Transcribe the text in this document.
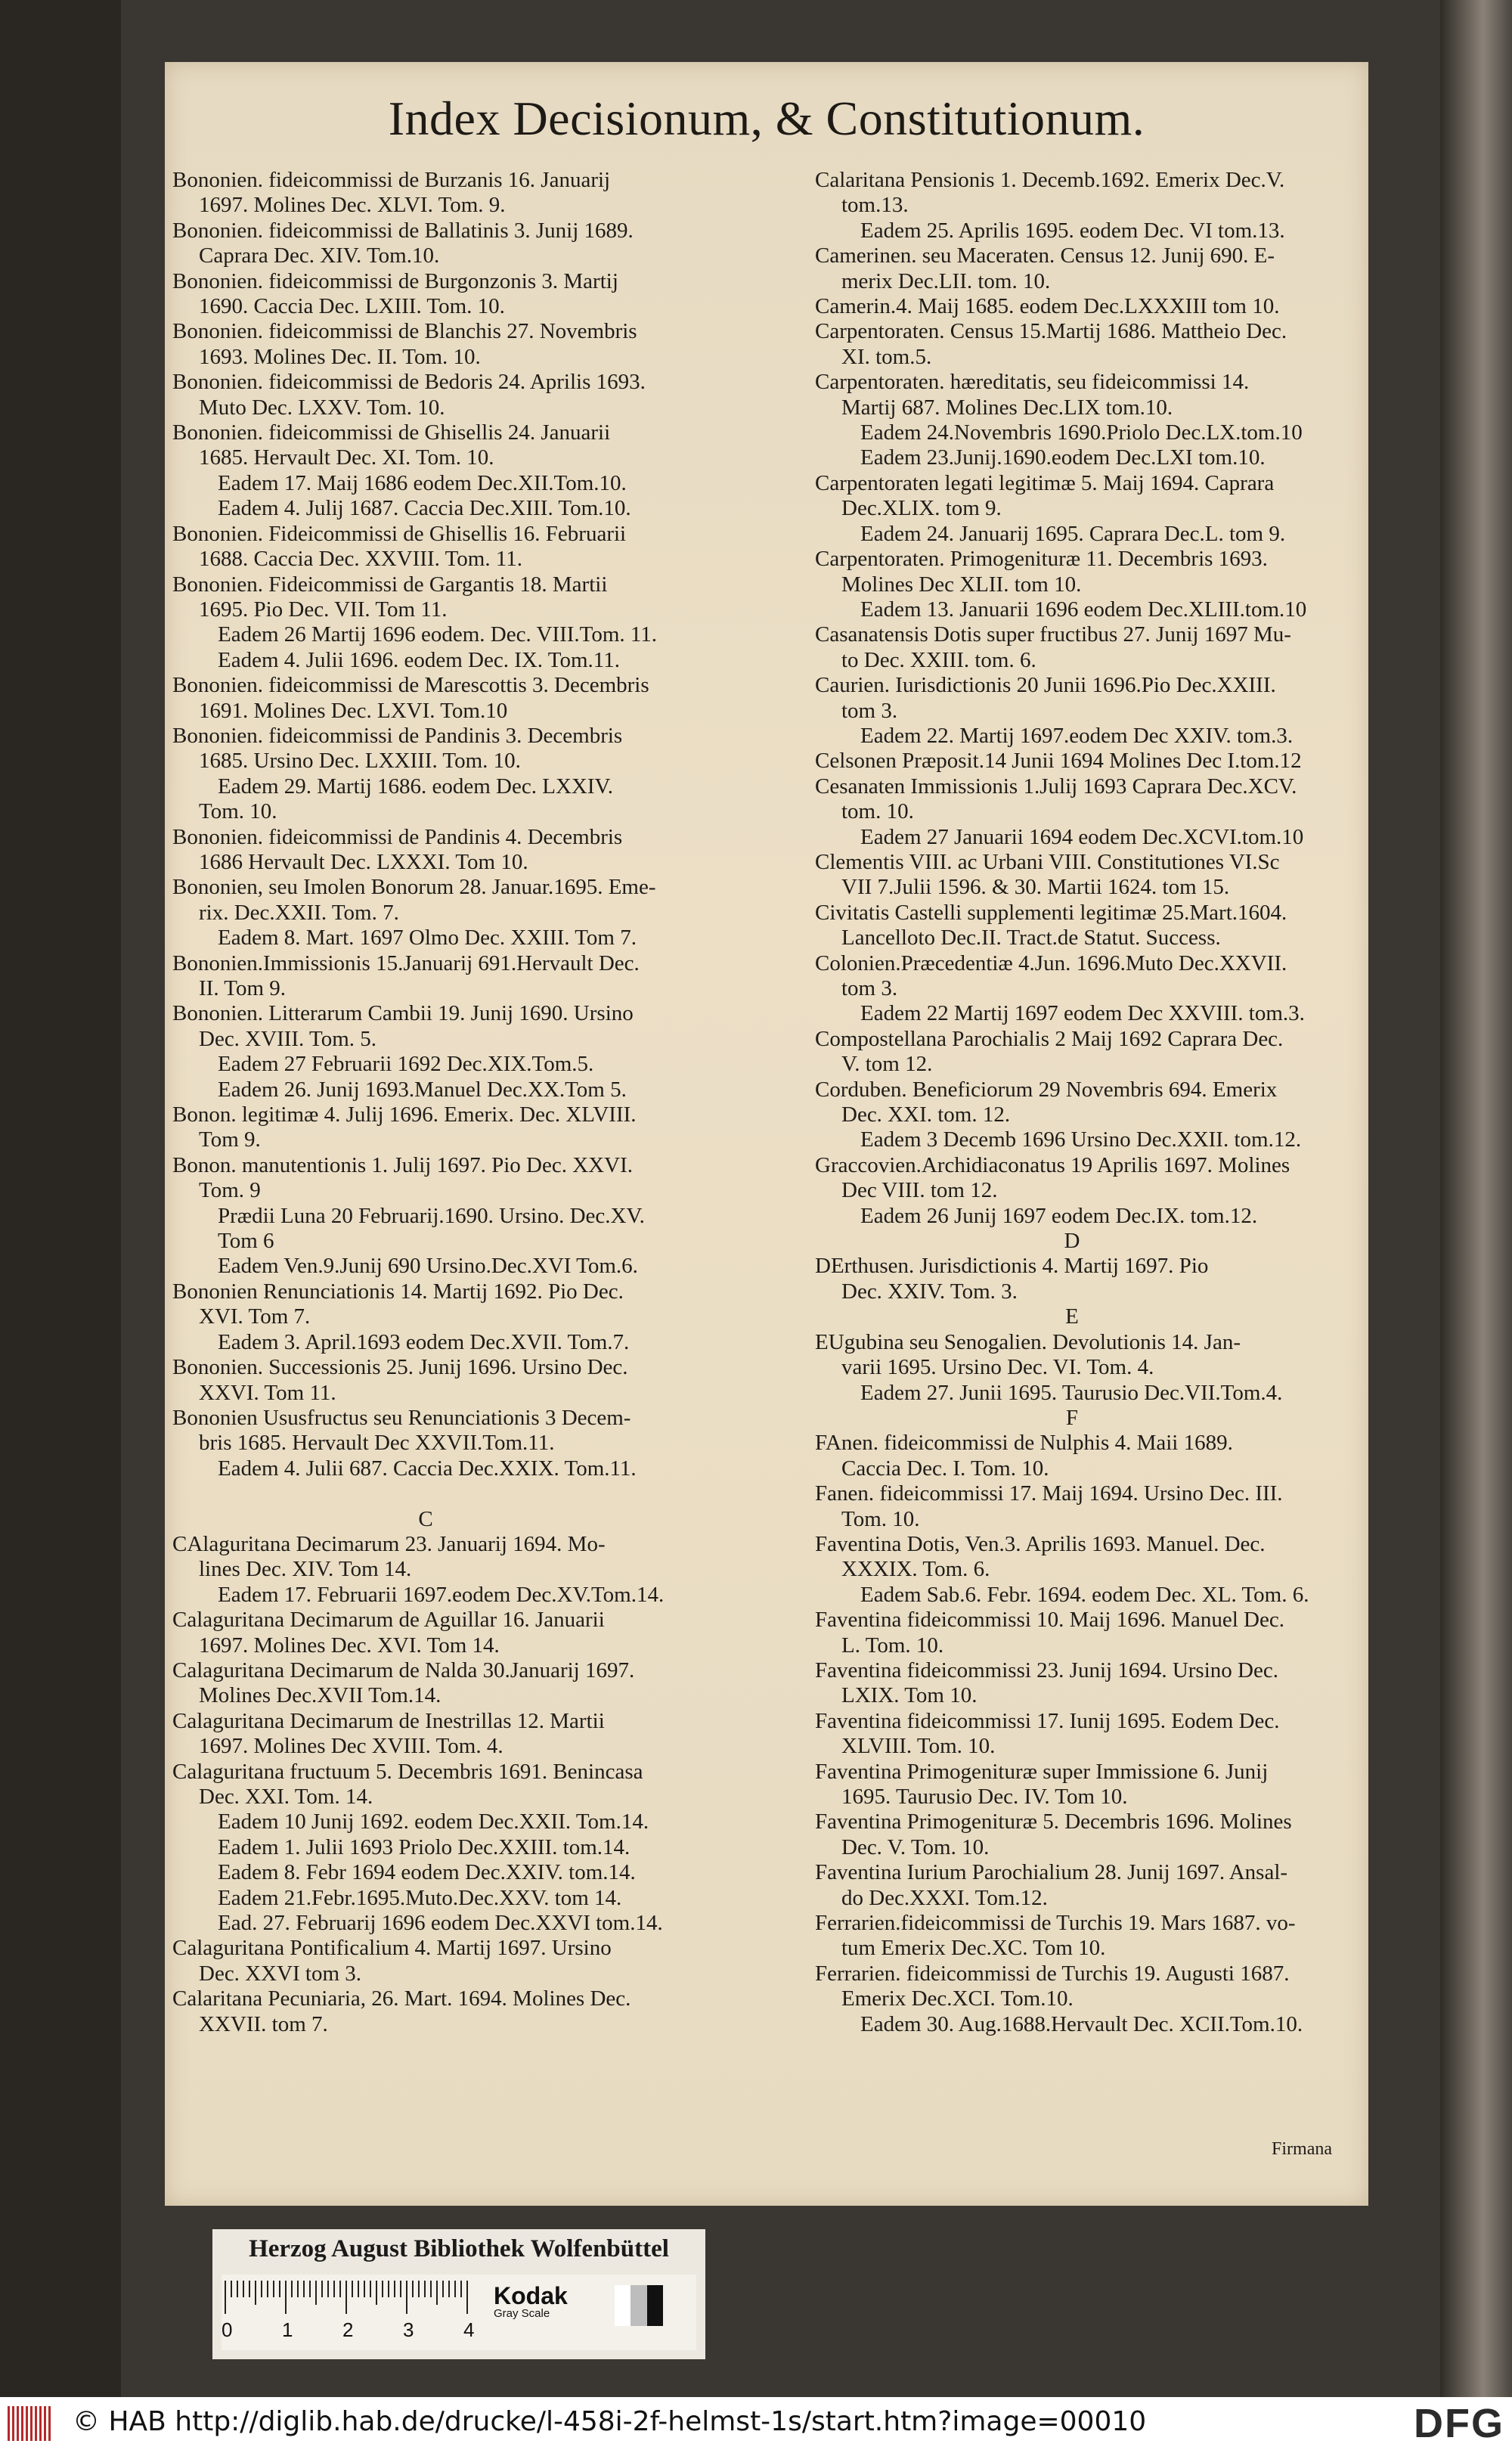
Index Decisionum, & Constitutionum.
Bononien. fideicommissi de Burzanis 16. Januarij
1697. Molines Dec. XLVI. Tom. 9.
Bononien. fideicommissi de Ballatinis 3. Junij 1689.
Caprara Dec. XIV. Tom.10.
Bononien. fideicommissi de Burgonzonis 3. Martij
1690. Caccia Dec. LXIII. Tom. 10.
Bononien. fideicommissi de Blanchis 27. Novembris
1693. Molines Dec. II. Tom. 10.
Bononien. fideicommissi de Bedoris 24. Aprilis 1693.
Muto Dec. LXXV. Tom. 10.
Bononien. fideicommissi de Ghisellis 24. Januarii
1685. Hervault Dec. XI. Tom. 10.
Eadem 17. Maij 1686 eodem Dec.XII.Tom.10.
Eadem 4. Julij 1687. Caccia Dec.XIII. Tom.10.
Bononien. Fideicommissi de Ghisellis 16. Februarii
1688. Caccia Dec. XXVIII. Tom. 11.
Bononien. Fideicommissi de Gargantis 18. Martii
1695. Pio Dec. VII. Tom 11.
Eadem 26 Martij 1696 eodem. Dec. VIII.Tom. 11.
Eadem 4. Julii 1696. eodem Dec. IX. Tom.11.
Bononien. fideicommissi de Marescottis 3. Decembris
1691. Molines Dec. LXVI. Tom.10
Bononien. fideicommissi de Pandinis 3. Decembris
1685. Ursino Dec. LXXIII. Tom. 10.
Eadem 29. Martij 1686. eodem Dec. LXXIV.
Tom. 10.
Bononien. fideicommissi de Pandinis 4. Decembris
1686 Hervault Dec. LXXXI. Tom 10.
Bononien, seu Imolen Bonorum 28. Januar.1695. Eme-
rix. Dec.XXII. Tom. 7.
Eadem 8. Mart. 1697 Olmo Dec. XXIII. Tom 7.
Bononien.Immissionis 15.Januarij 691.Hervault Dec.
II. Tom 9.
Bononien. Litterarum Cambii 19. Junij 1690. Ursino
Dec. XVIII. Tom. 5.
Eadem 27 Februarii 1692 Dec.XIX.Tom.5.
Eadem 26. Junij 1693.Manuel Dec.XX.Tom 5.
Bonon. legitimæ 4. Julij 1696. Emerix. Dec. XLVIII.
Tom 9.
Bonon. manutentionis 1. Julij 1697. Pio Dec. XXVI.
Tom. 9
Prædii Luna 20 Februarij.1690. Ursino. Dec.XV.
Tom 6
Eadem Ven.9.Junij 690 Ursino.Dec.XVI Tom.6.
Bononien Renunciationis 14. Martij 1692. Pio Dec.
XVI. Tom 7.
Eadem 3. April.1693 eodem Dec.XVII. Tom.7.
Bononien. Successionis 25. Junij 1696. Ursino Dec.
XXVI. Tom 11.
Bononien Ususfructus seu Renunciationis 3 Decem-
bris 1685. Hervault Dec XXVII.Tom.11.
Eadem 4. Julii 687. Caccia Dec.XXIX. Tom.11.

C
CAlaguritana Decimarum 23. Januarij 1694. Mo-
lines Dec. XIV. Tom 14.
Eadem 17. Februarii 1697.eodem Dec.XV.Tom.14.
Calaguritana Decimarum de Aguillar 16. Januarii
1697. Molines Dec. XVI. Tom 14.
Calaguritana Decimarum de Nalda 30.Januarij 1697.
Molines Dec.XVII Tom.14.
Calaguritana Decimarum de Inestrillas 12. Martii
1697. Molines Dec XVIII. Tom. 4.
Calaguritana fructuum 5. Decembris 1691. Benincasa
Dec. XXI. Tom. 14.
Eadem 10 Junij 1692. eodem Dec.XXII. Tom.14.
Eadem 1. Julii 1693 Priolo Dec.XXIII. tom.14.
Eadem 8. Febr 1694 eodem Dec.XXIV. tom.14.
Eadem 21.Febr.1695.Muto.Dec.XXV. tom 14.
Ead. 27. Februarij 1696 eodem Dec.XXVI tom.14.
Calaguritana Pontificalium 4. Martij 1697. Ursino
Dec. XXVI tom 3.
Calaritana Pecuniaria, 26. Mart. 1694. Molines Dec.
XXVII. tom 7.
Calaritana Pensionis 1. Decemb.1692. Emerix Dec.V.
tom.13.
Eadem 25. Aprilis 1695. eodem Dec. VI tom.13.
Camerinen. seu Maceraten. Census 12. Junij 690. E-
merix Dec.LII. tom. 10.
Camerin.4. Maij 1685. eodem Dec.LXXXIII tom 10.
Carpentoraten. Census 15.Martij 1686. Mattheio Dec.
XI. tom.5.
Carpentoraten. hæreditatis, seu fideicommissi 14.
Martij 687. Molines Dec.LIX tom.10.
Eadem 24.Novembris 1690.Priolo Dec.LX.tom.10
Eadem 23.Junij.1690.eodem Dec.LXI tom.10.
Carpentoraten legati legitimæ 5. Maij 1694. Caprara
Dec.XLIX. tom 9.
Eadem 24. Januarij 1695. Caprara Dec.L. tom 9.
Carpentoraten. Primogenituræ 11. Decembris 1693.
Molines Dec XLII. tom 10.
Eadem 13. Januarii 1696 eodem Dec.XLIII.tom.10
Casanatensis Dotis super fructibus 27. Junij 1697 Mu-
to Dec. XXIII. tom. 6.
Caurien. Iurisdictionis 20 Junii 1696.Pio Dec.XXIII.
tom 3.
Eadem 22. Martij 1697.eodem Dec XXIV. tom.3.
Celsonen Præposit.14 Junii 1694 Molines Dec I.tom.12
Cesanaten Immissionis 1.Julij 1693 Caprara Dec.XCV.
tom. 10.
Eadem 27 Januarii 1694 eodem Dec.XCVI.tom.10
Clementis VIII. ac Urbani VIII. Constitutiones VI.Sc
VII 7.Julii 1596. & 30. Martii 1624. tom 15.
Civitatis Castelli supplementi legitimæ 25.Mart.1604.
Lancelloto Dec.II. Tract.de Statut. Success.
Colonien.Præcedentiæ 4.Jun. 1696.Muto Dec.XXVII.
tom 3.
Eadem 22 Martij 1697 eodem Dec XXVIII. tom.3.
Compostellana Parochialis 2 Maij 1692 Caprara Dec.
V. tom 12.
Corduben. Beneficiorum 29 Novembris 694. Emerix
Dec. XXI. tom. 12.
Eadem 3 Decemb 1696 Ursino Dec.XXII. tom.12.
Graccovien.Archidiaconatus 19 Aprilis 1697. Molines
Dec VIII. tom 12.
Eadem 26 Junij 1697 eodem Dec.IX. tom.12.
D
DErthusen. Jurisdictionis 4. Martij 1697. Pio
Dec. XXIV. Tom. 3.
E
EUgubina seu Senogalien. Devolutionis 14. Jan-
varii 1695. Ursino Dec. VI. Tom. 4.
Eadem 27. Junii 1695. Taurusio Dec.VII.Tom.4.
F
FAnen. fideicommissi de Nulphis 4. Maii 1689.
Caccia Dec. I. Tom. 10.
Fanen. fideicommissi 17. Maij 1694. Ursino Dec. III.
Tom. 10.
Faventina Dotis, Ven.3. Aprilis 1693. Manuel. Dec.
XXXIX. Tom. 6.
Eadem Sab.6. Febr. 1694. eodem Dec. XL. Tom. 6.
Faventina fideicommissi 10. Maij 1696. Manuel Dec.
L. Tom. 10.
Faventina fideicommissi 23. Junij 1694. Ursino Dec.
LXIX. Tom 10.
Faventina fideicommissi 17. Iunij 1695. Eodem Dec.
XLVIII. Tom. 10.
Faventina Primogenituræ super Immissione 6. Junij
1695. Taurusio Dec. IV. Tom 10.
Faventina Primogenituræ 5. Decembris 1696. Molines
Dec. V. Tom. 10.
Faventina Iurium Parochialium 28. Junij 1697. Ansal-
do Dec.XXXI. Tom.12.
Ferrarien.fideicommissi de Turchis 19. Mars 1687. vo-
tum Emerix Dec.XC. Tom 10.
Ferrarien. fideicommissi de Turchis 19. Augusti 1687.
Emerix Dec.XCI. Tom.10.
Eadem 30. Aug.1688.Hervault Dec. XCII.Tom.10.
Firmana
Herzog August Bibliothek Wolfenbüttel
0	1	2	3	4
Kodak
Gray Scale
© HAB http://diglib.hab.de/drucke/l-458i-2f-helmst-1s/start.htm?image=00010	DFG
